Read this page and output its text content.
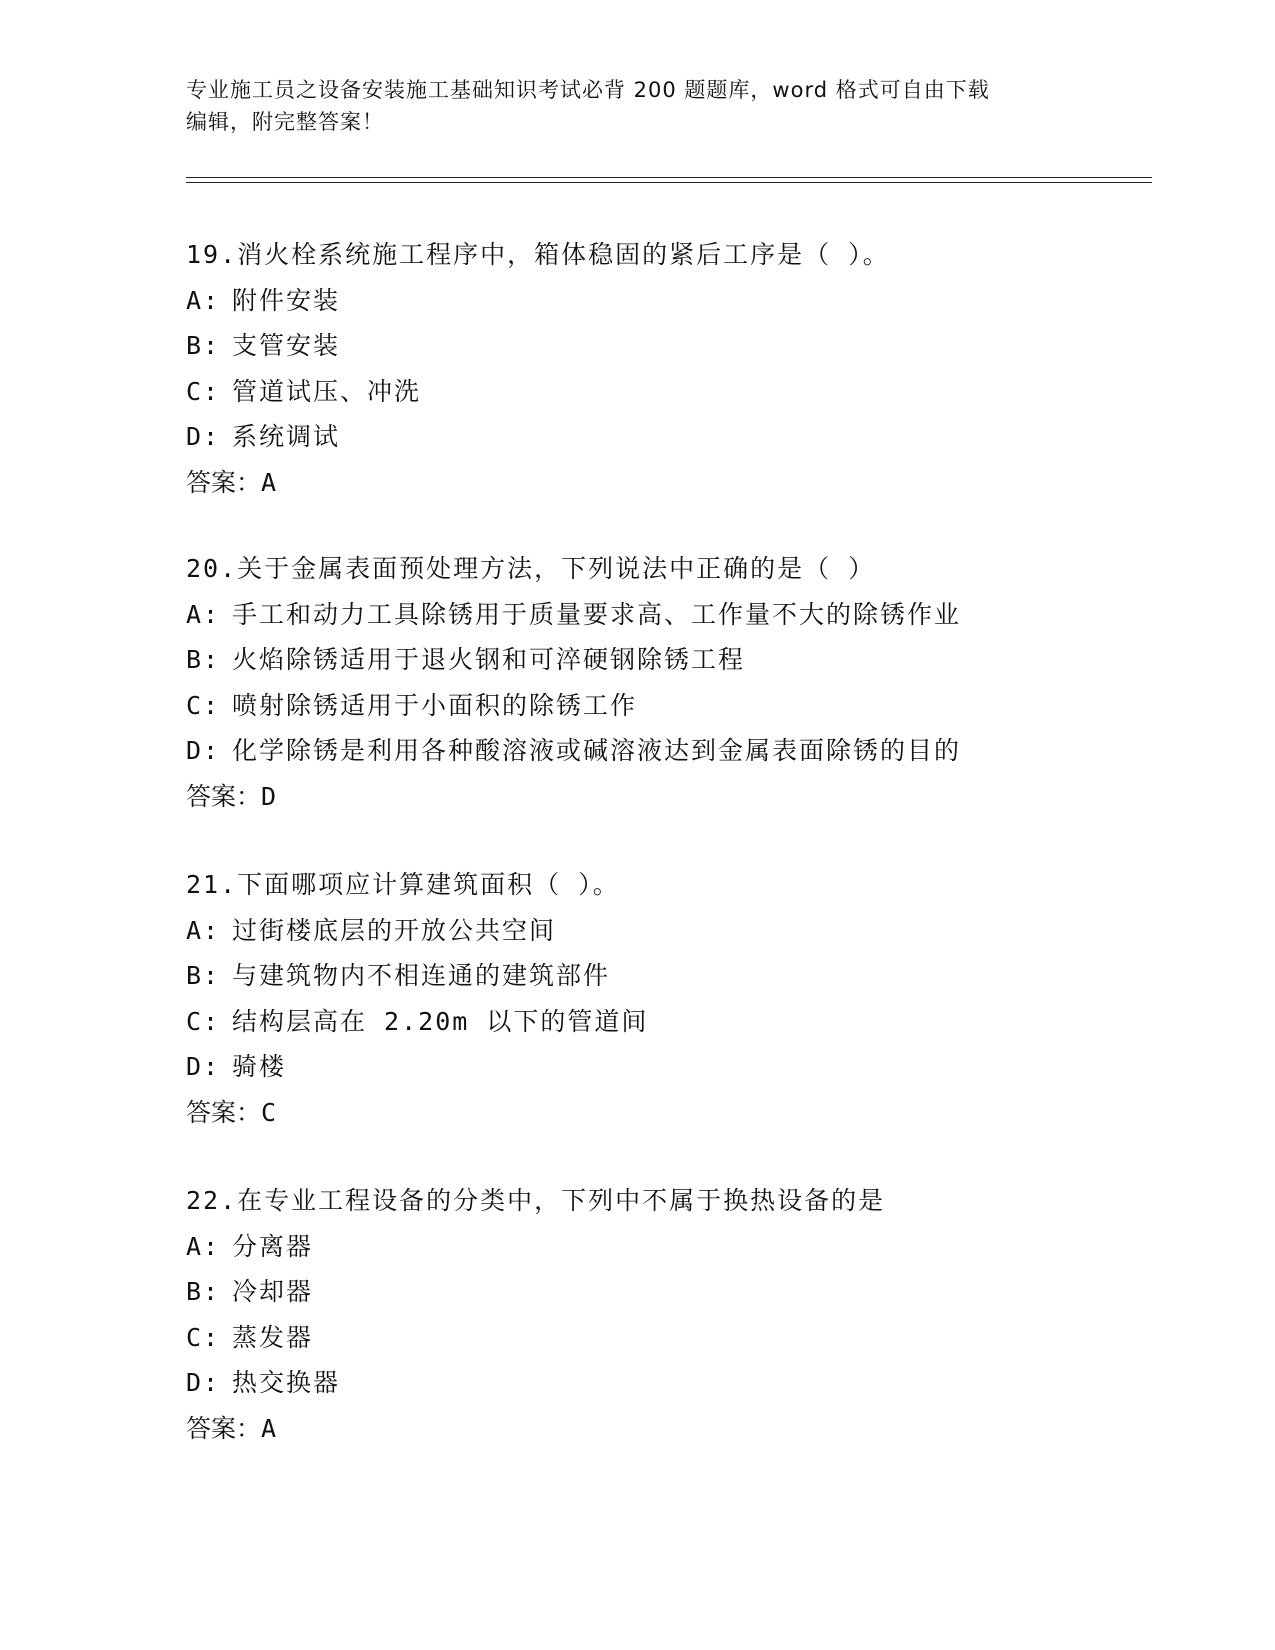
专业施工员之设备安装施工基础知识考试必背 200 题题库，word 格式可自由下载
编辑，附完整答案！
19.消火栓系统施工程序中，箱体稳固的紧后工序是（ ）。
A: 附件安装
B: 支管安装
C: 管道试压、冲洗
D: 系统调试
答案：A
20.关于金属表面预处理方法，下列说法中正确的是（ ）
A: 手工和动力工具除锈用于质量要求高、工作量不大的除锈作业
B: 火焰除锈适用于退火钢和可淬硬钢除锈工程
C: 喷射除锈适用于小面积的除锈工作
D: 化学除锈是利用各种酸溶液或碱溶液达到金属表面除锈的目的
答案：D
21.下面哪项应计算建筑面积（ ）。
A: 过街楼底层的开放公共空间
B: 与建筑物内不相连通的建筑部件
C: 结构层高在 2.20m 以下的管道间
D: 骑楼
答案：C
22.在专业工程设备的分类中，下列中不属于换热设备的是
A: 分离器
B: 冷却器
C: 蒸发器
D: 热交换器
答案：A
